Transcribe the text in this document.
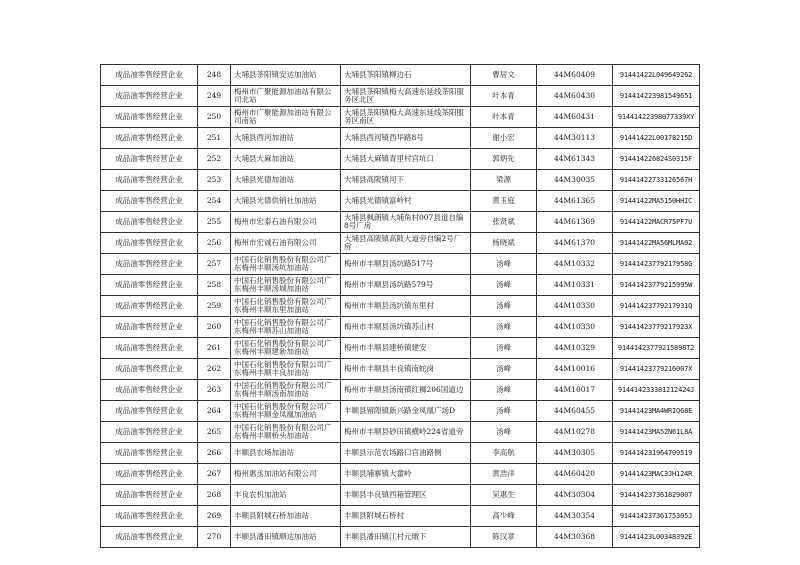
成品油零售经营企业	248	大埔县茶阳镇安达加油站	大埔县茶阳镇柳边石	曹居文	44M60409	91441422L049649262
成品油零售经营企业	249	梅州市广聚能源加油站有限公司北站	大埔县茶阳镇梅大高速东延线茶阳服务区北区	叶本青	44M60430	914414223981549651
成品油零售经营企业	250	梅州市广聚能源加油站有限公司南站	大埔县茶阳镇梅大高速东延线茶阳服务区南区	叶本青	44M60431	91441422398077339XY
成品油零售经营企业	251	大埔县西河加油站	大埔县西河镇西华路8号	谢小宏	44M30113	91441422L00178215D
成品油零售经营企业	252	大埔县大麻加油站	大埔县大麻镇青里村宫坑口	郭炳先	44M61343	914414226824S0315F
成品油零售经营企业	253	大埔县光德加油站	大埔县高陂镇河下	梁源	44M30035	91441422733126567H
成品油零售经营企业	254	大埔县光德供销社加油站	大埔县光德镇富岭村	黄玉庭	44M61365	91441422MA5150HHIC
成品油零售经营企业	255	梅州市宏泰石油有限公司	大埔县枫朗镇大埔角村007县道自编8号厂房	张贤斌	44M61369	91441422MACR75PF7U
成品油零售经营企业	256	梅州市宏诚石油有限公司	大埔县高陂镇高陂大道旁自编2号厂房	杨晓斌	44M61370	91441422MA56MLMA02
成品油零售经营企业	257	中国石化销售股份有限公司广东梅州丰顺汤坑加油站	梅州市丰顺县汤坑路517号	汤峰	44M10332	91441423779217958G
成品油零售经营企业	258	中国石化销售股份有限公司广东梅州丰顺汤城加油站	梅州市丰顺县汤坑路579号	汤峰	44M10331	91441423779215995W
成品油零售经营企业	259	中国石化销售股份有限公司广东梅州丰顺东里加油站	梅州市丰顺县汤坑镇东里村	汤峰	44M10330	91441423779217931Q
成品油零售经营企业	260	中国石化销售股份有限公司广东梅州丰顺苏山加油站	梅州市丰顺县汤坑镇苏山村	汤峰	44M10330	91441423779217923X
成品油零售经营企业	261	中国石化销售股份有限公司广东梅州丰顺建新加油站	梅州市丰顺县建桥镇建安	汤峰	44M10329	91441423779215898T2
成品油零售经营企业	262	中国石化销售股份有限公司广东梅州丰顺丰良加油站	梅州市丰顺县丰良镇南蛇岗	汤峰	44M10016	91441423779216007X
成品油零售经营企业	263	中国石化销售股份有限公司广东梅州丰顺汤南加油站	梅州市丰顺县汤南镇红狮206国道边	汤峰	44M10017	914414233381212424J
成品油零售经营企业	264	中国石化销售股份有限公司广东梅州丰顺金凤凰加油站	丰顺县留隍镇新兴路金凤凰广场D	汤峰	44M60455	91441423MA4WRIQ68E
成品油零售经营企业	265	中国石化销售股份有限公司广东梅州丰顺桥头加油站	梅州市丰顺县砂田镇横岭224省道旁	汤峰	44M10278	91441423MA52N61L8A
成品油零售经营企业	266	丰顺县农场加油站	丰顺县示范农场路口官油路侧	李高航	44M30305	91441423196470951​9
成品油零售经营企业	267	梅州惠丞加油站有限公司	丰顺县埔寨镇大畲岭	黄浩洋	44M60420	91441423MAC3JH124R
成品油零售经营企业	268	丰良农机加油站	丰顺县丰良镇西箱管理区	吴惠生	44M30304	914414237361829007
成品油零售经营企业	269	丰顺县附城石桥加油站	丰顺县附城石桥村	高少峰	44M30354	91441423736175305J
成品油零售经营企业	270	丰顺县潘田镇顺达加油站	丰顺县潘田镇江村元墩下	陈汉章	44M30368	91441423L00348392E
